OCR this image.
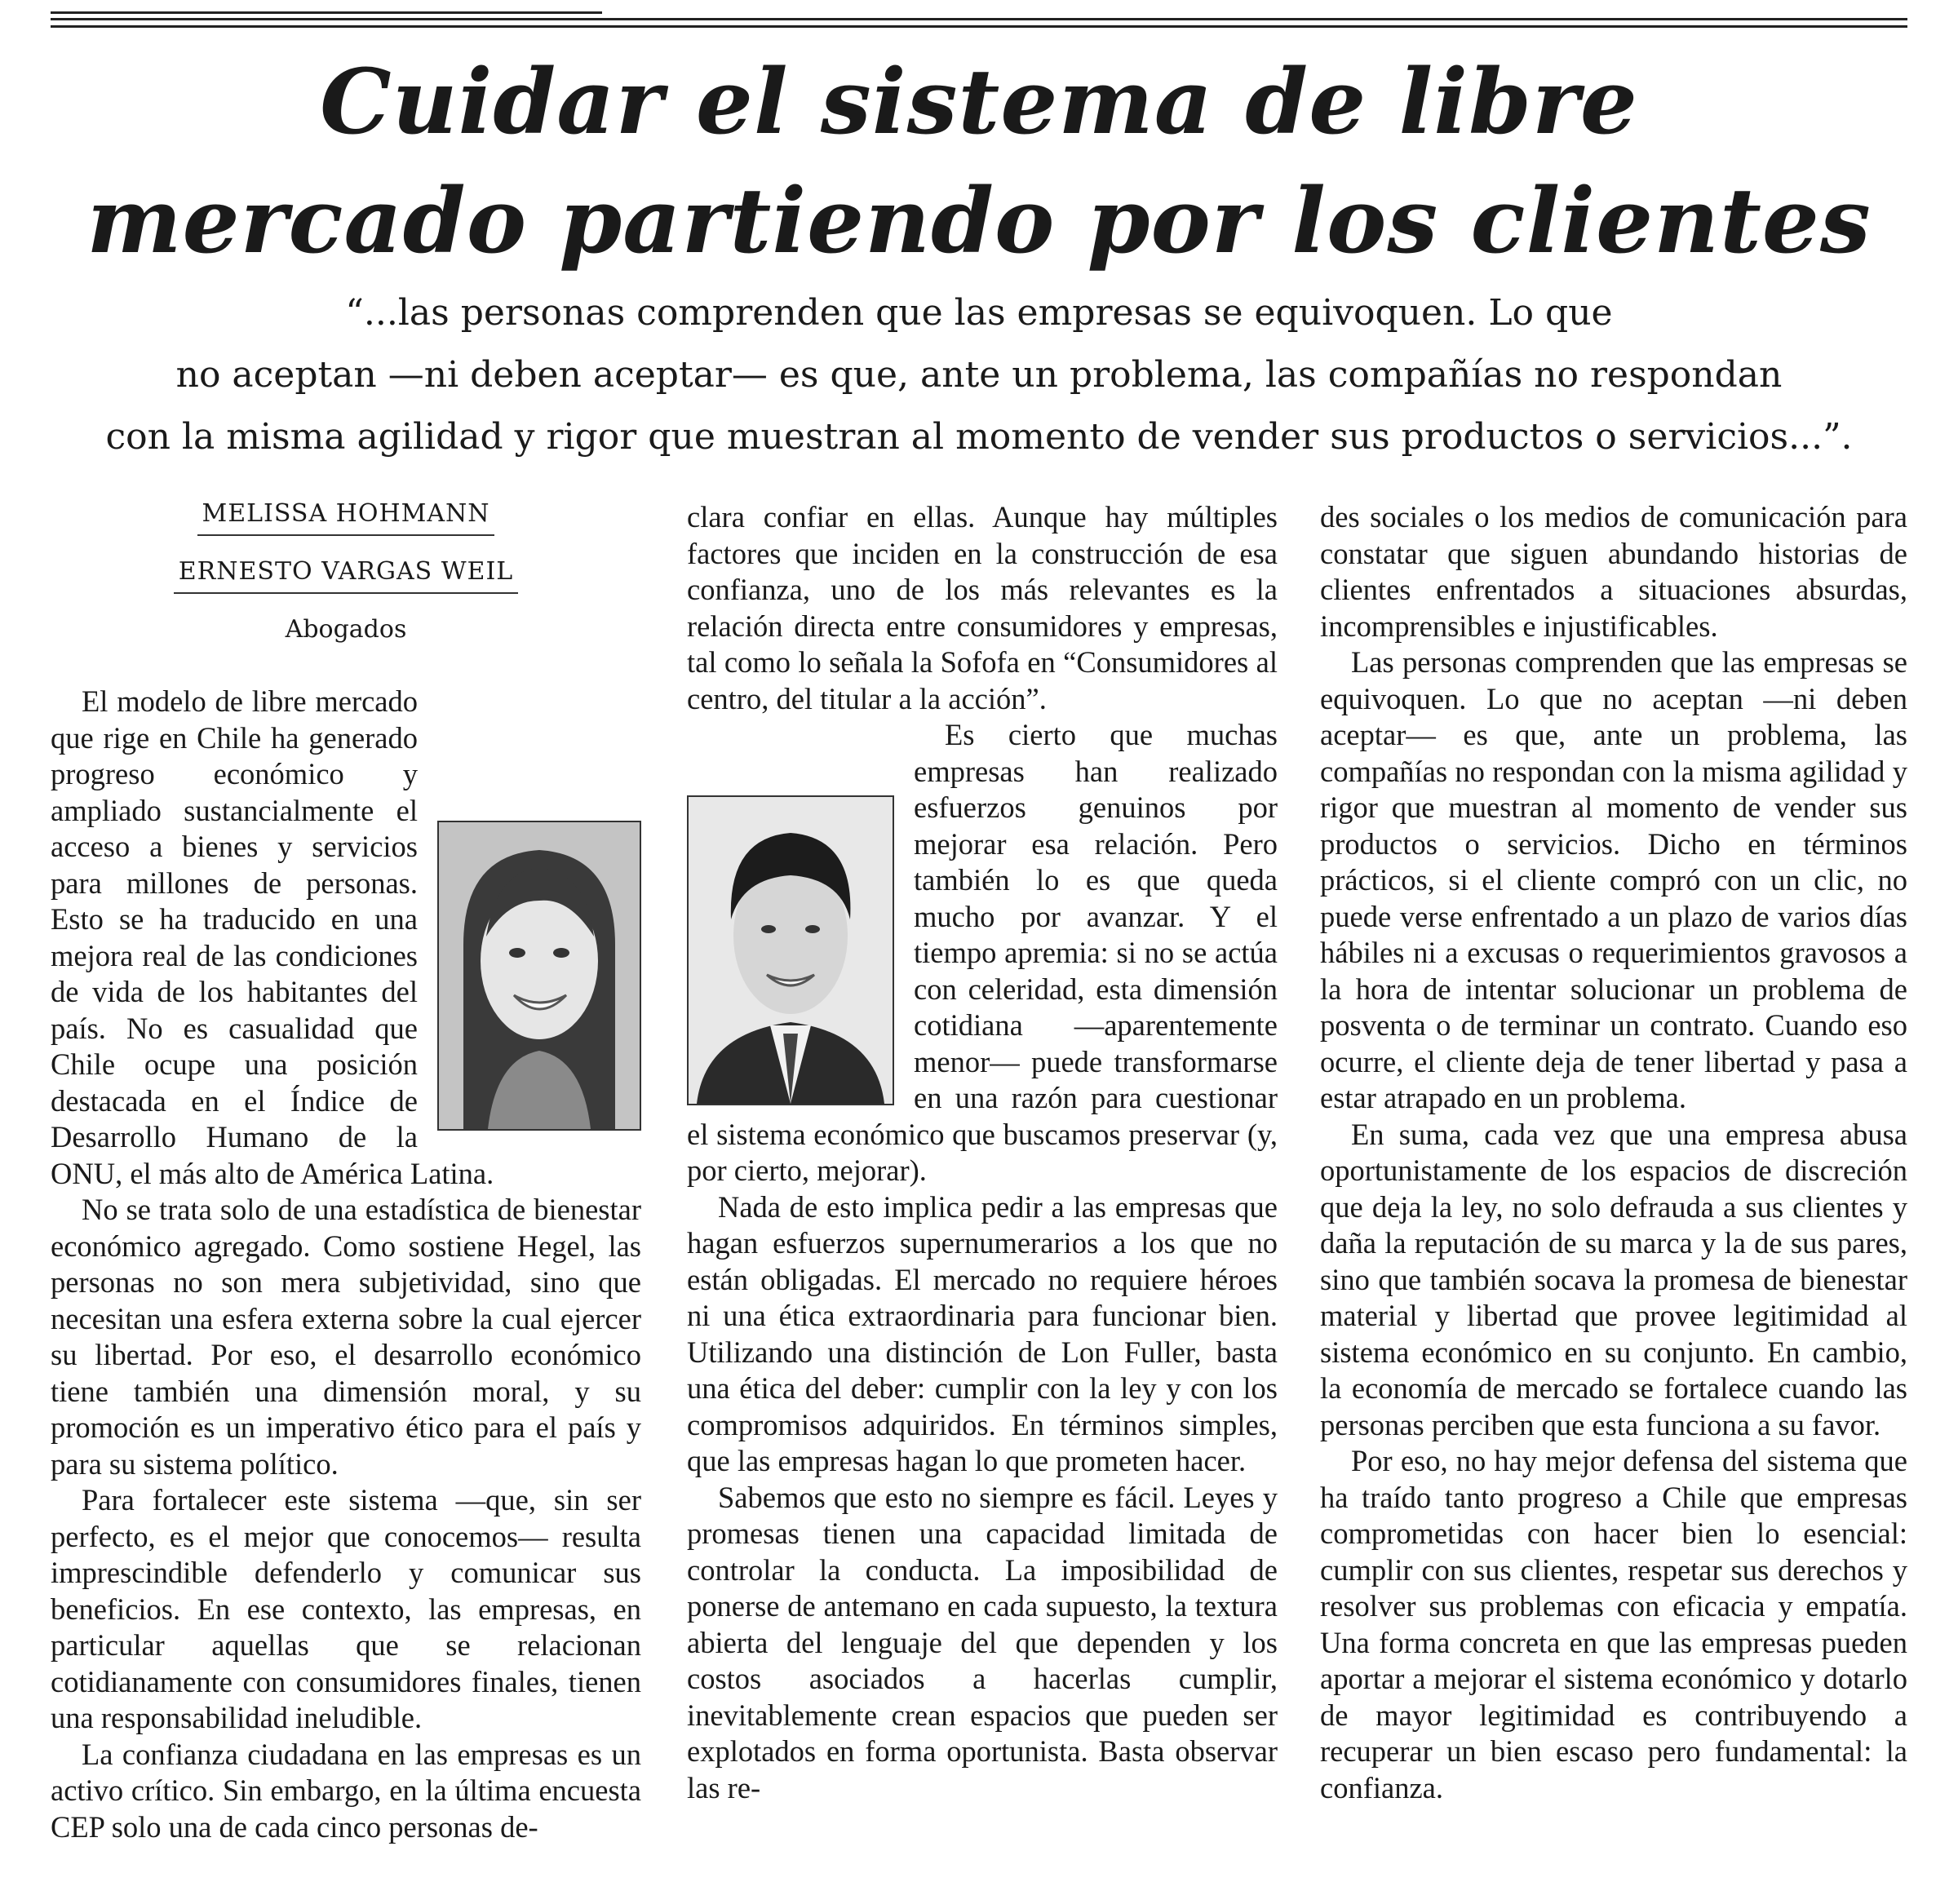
Cuidar el sistema de libre
mercado partiendo por los clientes
“...las personas comprenden que las empresas se equivoquen. Lo que
no aceptan —ni deben aceptar— es que, ante un problema, las compañías no respondan
con la misma agilidad y rigor que muestran al momento de vender sus productos o servicios...”.
MELISSA HOHMANN
ERNESTO VARGAS WEIL
Abogados

El modelo de libre mercado que rige en Chile ha generado progreso económico y ampliado sustancialmente el acceso a bienes y servicios para millones de personas. Esto se ha traducido en una mejora real de las condiciones de vida de los habitantes del país. No es casualidad que Chile ocupe una posición destacada en el Índice de Desarrollo Humano de la ONU, el más alto de América Latina.

No se trata solo de una estadística de bienestar económico agregado. Como sostiene Hegel, las personas no son mera subjetividad, sino que necesitan una esfera externa sobre la cual ejercer su libertad. Por eso, el desarrollo económico tiene también una dimensión moral, y su promoción es un imperativo ético para el país y para su sistema político.

Para fortalecer este sistema —que, sin ser perfecto, es el mejor que conocemos— resulta imprescindible defenderlo y comunicar sus beneficios. En ese contexto, las empresas, en particular aquellas que se relacionan cotidianamente con consumidores finales, tienen una responsabilidad ineludible.

La confianza ciudadana en las empresas es un activo crítico. Sin embargo, en la última encuesta CEP solo una de cada cinco personas de-

clara confiar en ellas. Aunque hay múltiples factores que inciden en la construcción de esa confianza, uno de los más relevantes es la relación directa entre consumidores y empresas, tal como lo señala la Sofofa en “Consumidores al centro, del titular a la acción”.

Es cierto que muchas empresas han realizado esfuerzos genuinos por mejorar esa relación. Pero también lo es que queda mucho por avanzar. Y el tiempo apremia: si no se actúa con celeridad, esta dimensión cotidiana —aparentemente menor— puede transformarse en una razón para cuestionar el sistema económico que buscamos preservar (y, por cierto, mejorar).

Nada de esto implica pedir a las empresas que hagan esfuerzos supernumerarios a los que no están obligadas. El mercado no requiere héroes ni una ética extraordinaria para funcionar bien. Utilizando una distinción de Lon Fuller, basta una ética del deber: cumplir con la ley y con los compromisos adquiridos. En términos simples, que las empresas hagan lo que prometen hacer.

Sabemos que esto no siempre es fácil. Leyes y promesas tienen una capacidad limitada de controlar la conducta. La imposibilidad de ponerse de antemano en cada supuesto, la textura abierta del lenguaje del que dependen y los costos asociados a hacerlas cumplir, inevitablemente crean espacios que pueden ser explotados en forma oportunista. Basta observar las re-

des sociales o los medios de comunicación para constatar que siguen abundando historias de clientes enfrentados a situaciones absurdas, incomprensibles e injustificables.

Las personas comprenden que las empresas se equivoquen. Lo que no aceptan —ni deben aceptar— es que, ante un problema, las compañías no respondan con la misma agilidad y rigor que muestran al momento de vender sus productos o servicios. Dicho en términos prácticos, si el cliente compró con un clic, no puede verse enfrentado a un plazo de varios días hábiles ni a excusas o requerimientos gravosos a la hora de intentar solucionar un problema de posventa o de terminar un contrato. Cuando eso ocurre, el cliente deja de tener libertad y pasa a estar atrapado en un problema.

En suma, cada vez que una empresa abusa oportunistamente de los espacios de discreción que deja la ley, no solo defrauda a sus clientes y daña la reputación de su marca y la de sus pares, sino que también socava la promesa de bienestar material y libertad que provee legitimidad al sistema económico en su conjunto. En cambio, la economía de mercado se fortalece cuando las personas perciben que esta funciona a su favor.

Por eso, no hay mejor defensa del sistema que ha traído tanto progreso a Chile que empresas comprometidas con hacer bien lo esencial: cumplir con sus clientes, respetar sus derechos y resolver sus problemas con eficacia y empatía. Una forma concreta en que las empresas pueden aportar a mejorar el sistema económico y dotarlo de mayor legitimidad es contribuyendo a recuperar un bien escaso pero fundamental: la confianza.
